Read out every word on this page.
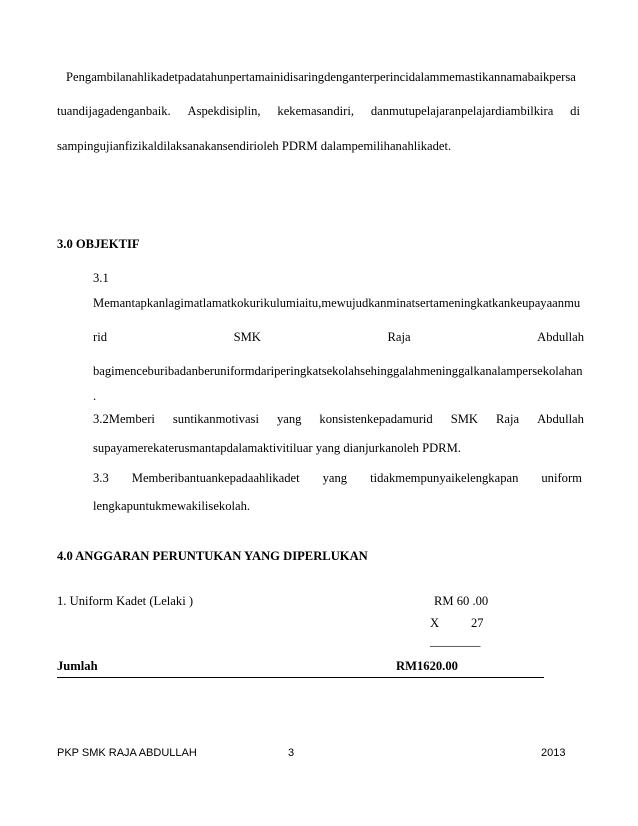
Pengambilanahlikadetpadatahunpertamainidisaringdenganterperincidalammemastikannamabaikpersa
tuandijagadenganbaik. Aspekdisiplin, kekemasandiri, danmutupelajaranpelajardiambilkira di
sampingujianfizikaldilaksanakansendirioleh PDRM dalampemilihanahlikadet.
3.0 OBJEKTIF
3.1
Memantapkanlagimatlamatkokurikulumiaitu,mewujudkanminatsertameningkatkankeupayaanmu
rid	SMK	Raja	Abdullah
bagimenceburibadanberuniformdariperingkatsekolahsehinggalahmeninggalkanalampersekolahan
.
3.2Memberi suntikanmotivasi yang konsistenkepadamurid SMK Raja Abdullah
supayamerekaterusmantapdalamaktivitiluar yang dianjurkanoleh PDRM.
3.3 Memberibantuankepadaahlikadet yang tidakmempunyaikelengkapan uniform
lengkapuntukmewakilisekolah.
4.0 ANGGARAN PERUNTUKAN YANG DIPERLUKAN
1. Uniform Kadet (Lelaki )	RM 60 .00
X	27
________
Jumlah	RM1620.00
PKP SMK RAJA ABDULLAH	3	2013
